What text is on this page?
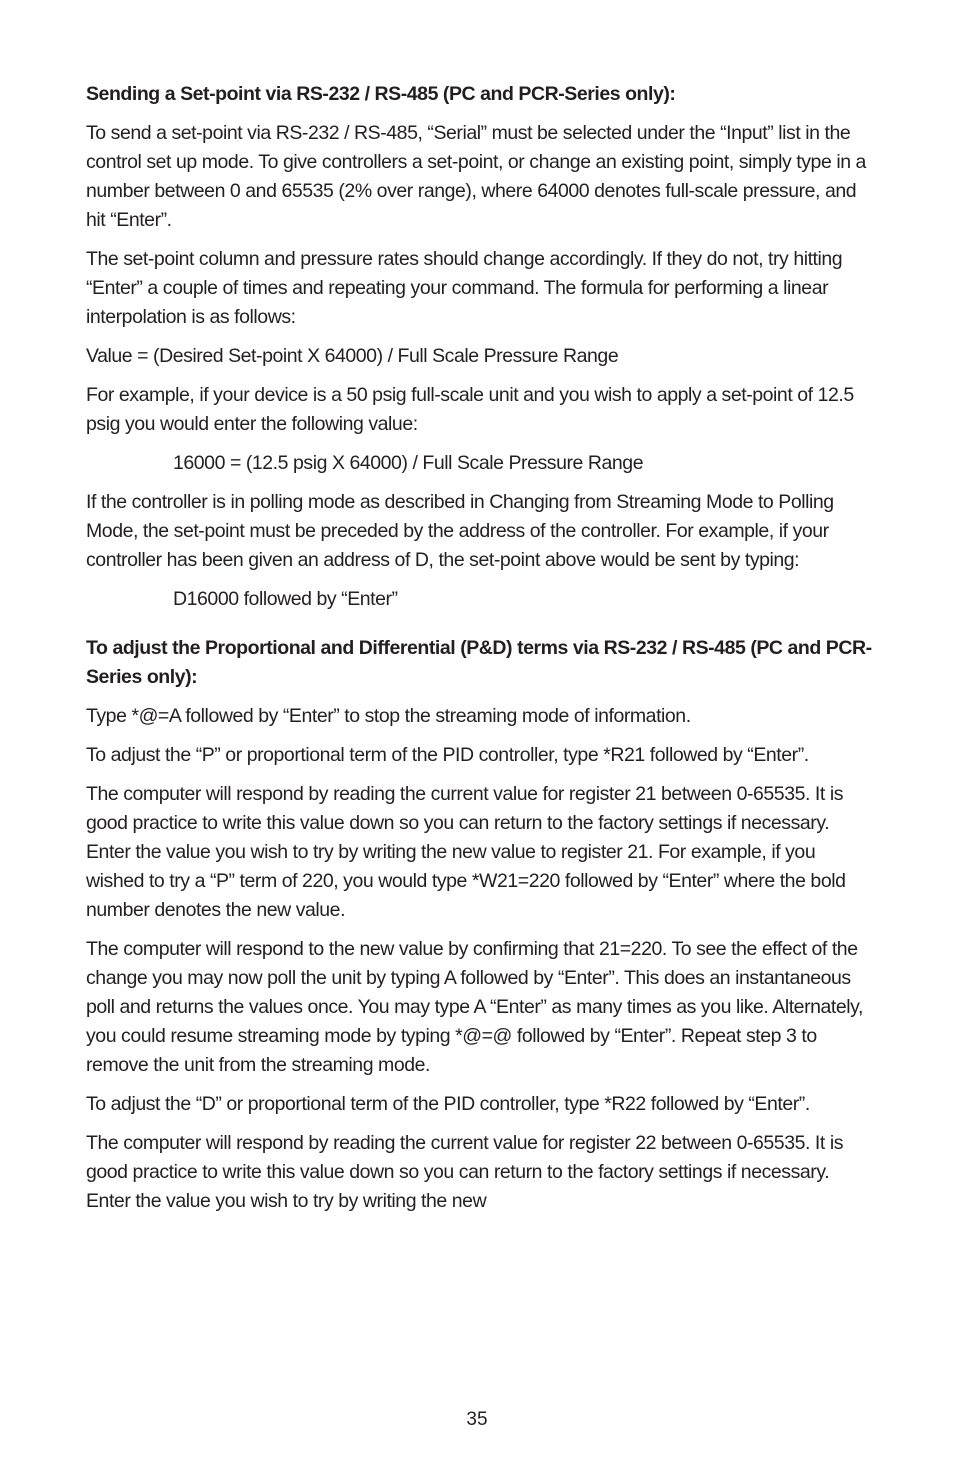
Sending a Set-point via RS-232 / RS-485 (PC and PCR-Series only):
To send a set-point via RS-232 / RS-485, “Serial” must be selected under the “Input” list in the control set up mode. To give controllers a set-point, or change an existing point, simply type in a number between 0 and 65535 (2% over range), where 64000 denotes full-scale pressure, and hit “Enter”.
The set-point column and pressure rates should change accordingly. If they do not, try hitting “Enter” a couple of times and repeating your command. The formula for performing a linear interpolation is as follows:
Value = (Desired Set-point X 64000) / Full Scale Pressure Range
For example, if your device is a 50 psig full-scale unit and you wish to apply a set-point of 12.5 psig you would enter the following value:
16000 = (12.5 psig X 64000) / Full Scale Pressure Range
If the controller is in polling mode as described in Changing from Streaming Mode to Polling Mode, the set-point must be preceded by the address of the controller. For example, if your controller has been given an address of D, the set-point above would be sent by typing:
D16000 followed by “Enter”
To adjust the Proportional and Differential (P&D) terms via RS-232 / RS-485 (PC and PCR-Series only):
Type *@=A followed by “Enter” to stop the streaming mode of information.
To adjust the “P” or proportional term of the PID controller, type *R21 followed by “Enter”.
The computer will respond by reading the current value for register 21 between 0-65535. It is good practice to write this value down so you can return to the factory settings if necessary. Enter the value you wish to try by writing the new value to register 21. For example, if you wished to try a “P” term of 220, you would type *W21=220 followed by “Enter” where the bold number denotes the new value.
The computer will respond to the new value by confirming that 21=220. To see the effect of the change you may now poll the unit by typing A followed by “Enter”. This does an instantaneous poll and returns the values once. You may type A “Enter” as many times as you like. Alternately, you could resume streaming mode by typing *@=@ followed by “Enter”. Repeat step 3 to remove the unit from the streaming mode.
To adjust the “D” or proportional term of the PID controller, type *R22 followed by “Enter”.
The computer will respond by reading the current value for register 22 between 0-65535. It is good practice to write this value down so you can return to the factory settings if necessary. Enter the value you wish to try by writing the new
35
